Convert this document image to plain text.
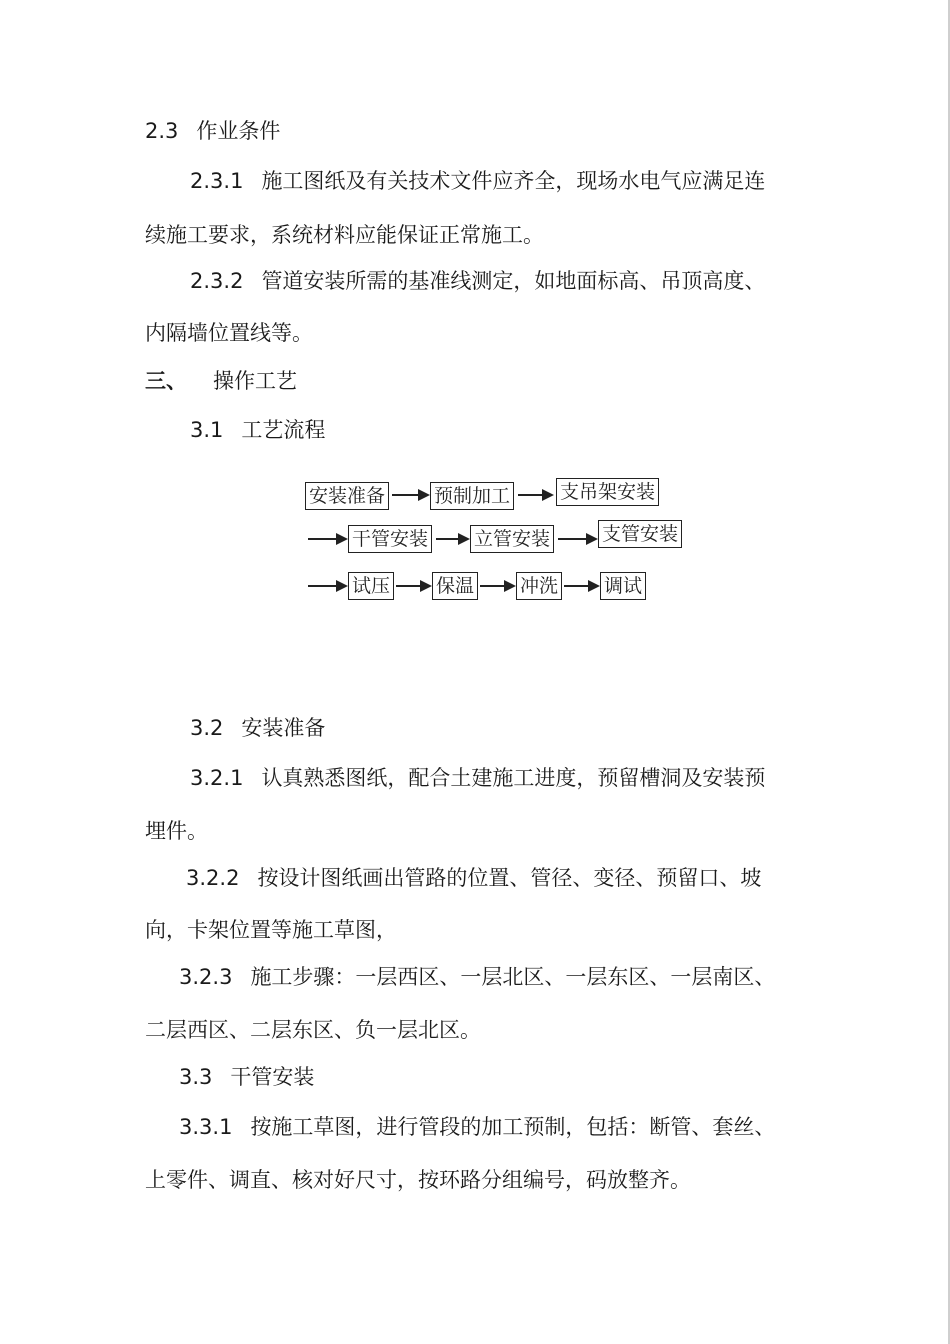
2.3 作业条件
2.3.1 施工图纸及有关技术文件应齐全，现场水电气应满足连
续施工要求，系统材料应能保证正常施工。
2.3.2 管道安装所需的基准线测定，如地面标高、吊顶高度、
内隔墙位置线等。
三、 操作工艺
3.1 工艺流程
安装准备	预制加工	支吊架安装
干管安装 立管安装	支管安装
试压 保温 冲洗 调试
3.2 安装准备
3.2.1 认真熟悉图纸，配合土建施工进度，预留槽洞及安装预
埋件。
3.2.2 按设计图纸画出管路的位置、管径、变径、预留口、坡
向，卡架位置等施工草图，
3.2.3 施工步骤：一层西区、一层北区、一层东区、一层南区、
二层西区、二层东区、负一层北区。
3.3 干管安装
3.3.1 按施工草图，进行管段的加工预制，包括：断管、套丝、
上零件、调直、核对好尺寸，按环路分组编号，码放整齐。
